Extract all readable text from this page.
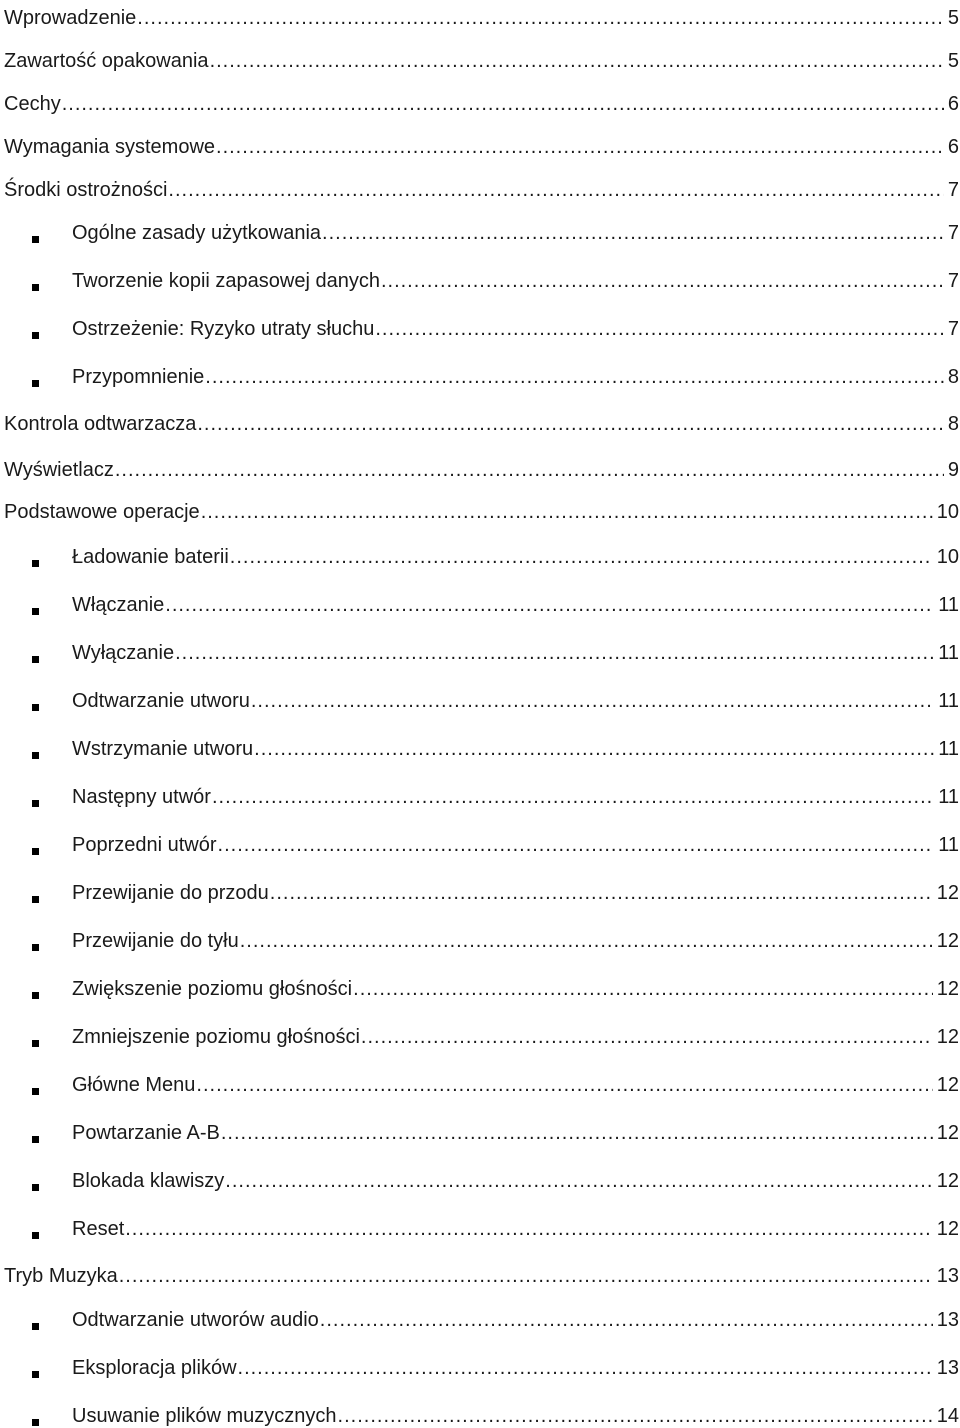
Wprowadzenie .....	5
Zawartość opakowania .....	5
Cechy .....	6
Wymagania systemowe .....	6
Środki ostrożności .....	7
Ogólne zasady użytkowania .....	7
Tworzenie kopii zapasowej danych .....	7
Ostrzeżenie: Ryzyko utraty słuchu .....	7
Przypomnienie .....	8
Kontrola odtwarzacza .....	8
Wyświetlacz .....	9
Podstawowe operacje .....	10
Ładowanie baterii .....	10
Włączanie .....	11
Wyłączanie .....	11
Odtwarzanie utworu .....	11
Wstrzymanie utworu .....	11
Następny utwór .....	11
Poprzedni utwór .....	11
Przewijanie do przodu .....	12
Przewijanie do tyłu .....	12
Zwiększenie poziomu głośności .....	12
Zmniejszenie poziomu głośności .....	12
Główne Menu .....	12
Powtarzanie A-B .....	12
Blokada klawiszy .....	12
Reset .....	12
Tryb Muzyka .....	13
Odtwarzanie utworów audio .....	13
Eksploracja plików .....	13
Usuwanie plików muzycznych .....	14
